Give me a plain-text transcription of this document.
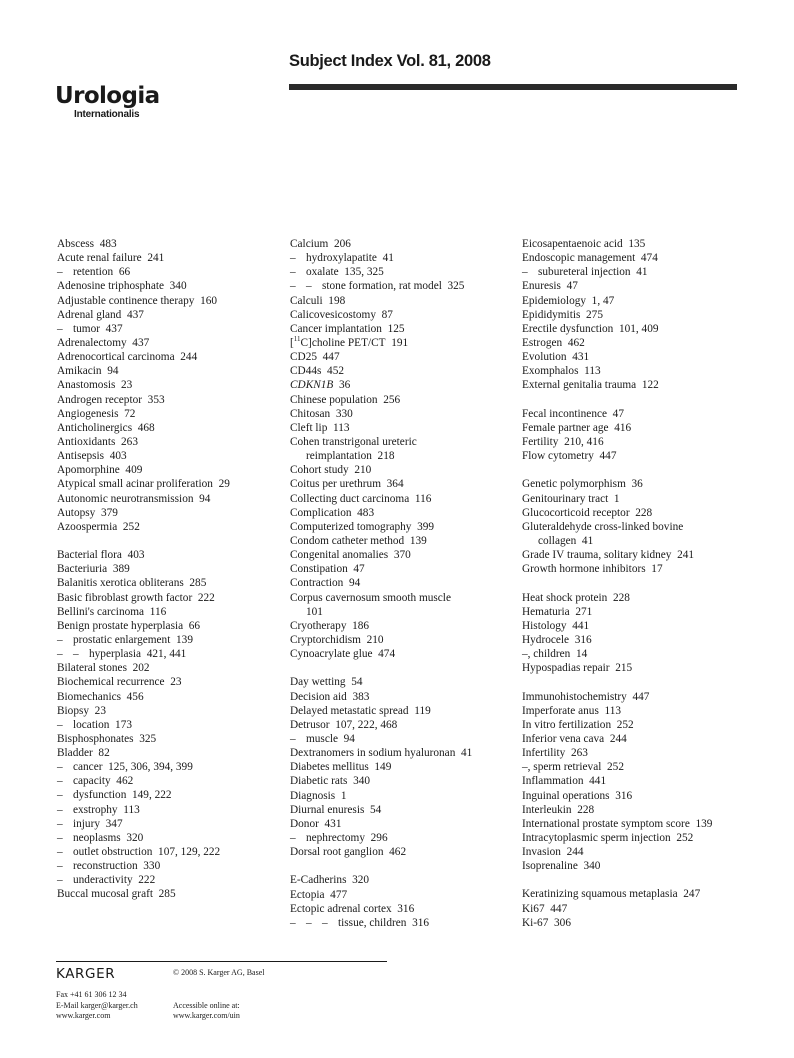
Subject Index Vol. 81, 2008
Urologia
Internationalis
Abscess 483
Acute renal failure 241
– retention 66
Adenosine triphosphate 340
Adjustable continence therapy 160
Adrenal gland 437
– tumor 437
Adrenalectomy 437
Adrenocortical carcinoma 244
Amikacin 94
Anastomosis 23
Androgen receptor 353
Angiogenesis 72
Anticholinergics 468
Antioxidants 263
Antisepsis 403
Apomorphine 409
Atypical small acinar proliferation 29
Autonomic neurotransmission 94
Autopsy 379
Azoospermia 252
Bacterial flora 403
Bacteriuria 389
Balanitis xerotica obliterans 285
Basic fibroblast growth factor 222
Bellini's carcinoma 116
Benign prostate hyperplasia 66
– prostatic enlargement 139
– – hyperplasia 421, 441
Bilateral stones 202
Biochemical recurrence 23
Biomechanics 456
Biopsy 23
– location 173
Bisphosphonates 325
Bladder 82
– cancer 125, 306, 394, 399
– capacity 462
– dysfunction 149, 222
– exstrophy 113
– injury 347
– neoplasms 320
– outlet obstruction 107, 129, 222
– reconstruction 330
– underactivity 222
Buccal mucosal graft 285
Calcium 206
– hydroxylapatite 41
– oxalate 135, 325
– – stone formation, rat model 325
Calculi 198
Calicovesicostomy 87
Cancer implantation 125
[$^{11}$C]choline PET/CT 191
CD25 447
CD44s 452
CDKN1B 36
Chinese population 256
Chitosan 330
Cleft lip 113
Cohen transtrigonal ureteric
reimplantation 218
Cohort study 210
Coitus per urethrum 364
Collecting duct carcinoma 116
Complication 483
Computerized tomography 399
Condom catheter method 139
Congenital anomalies 370
Constipation 47
Contraction 94
Corpus cavernosum smooth muscle
101
Cryotherapy 186
Cryptorchidism 210
Cynoacrylate glue 474
Day wetting 54
Decision aid 383
Delayed metastatic spread 119
Detrusor 107, 222, 468
– muscle 94
Dextranomers in sodium hyaluronan 41
Diabetes mellitus 149
Diabetic rats 340
Diagnosis 1
Diurnal enuresis 54
Donor 431
– nephrectomy 296
Dorsal root ganglion 462
E-Cadherins 320
Ectopia 477
Ectopic adrenal cortex 316
– – – tissue, children 316
Eicosapentaenoic acid 135
Endoscopic management 474
– subureteral injection 41
Enuresis 47
Epidemiology 1, 47
Epididymitis 275
Erectile dysfunction 101, 409
Estrogen 462
Evolution 431
Exomphalos 113
External genitalia trauma 122
Fecal incontinence 47
Female partner age 416
Fertility 210, 416
Flow cytometry 447
Genetic polymorphism 36
Genitourinary tract 1
Glucocorticoid receptor 228
Gluteraldehyde cross-linked bovine
collagen 41
Grade IV trauma, solitary kidney 241
Growth hormone inhibitors 17
Heat shock protein 228
Hematuria 271
Histology 441
Hydrocele 316
–, children 14
Hypospadias repair 215
Immunohistochemistry 447
Imperforate anus 113
In vitro fertilization 252
Inferior vena cava 244
Infertility 263
–, sperm retrieval 252
Inflammation 441
Inguinal operations 316
Interleukin 228
International prostate symptom score 139
Intracytoplasmic sperm injection 252
Invasion 244
Isoprenaline 340
Keratinizing squamous metaplasia 247
Ki67 447
Ki-67 306
KARGER	© 2008 S. Karger AG, Basel
Fax +41 61 306 12 34
E-Mail karger@karger.ch
www.karger.com
Accessible online at:
www.karger.com/uin
